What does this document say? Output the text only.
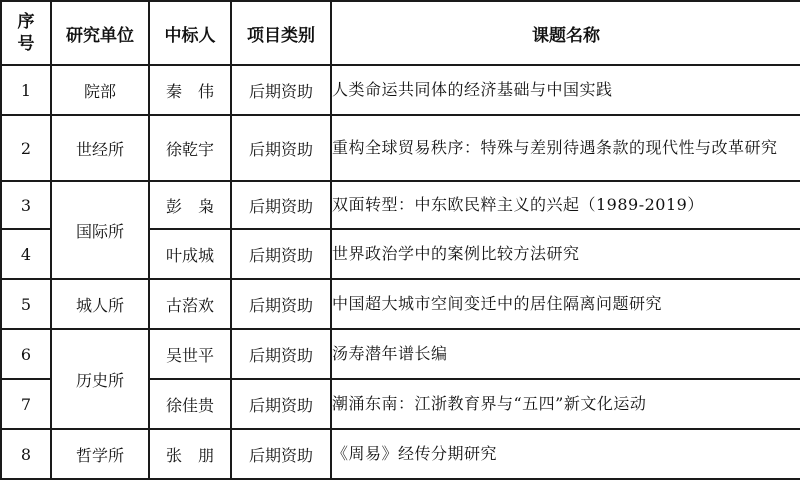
序
号	研究单位	中标人	项目类别	课题名称
1	院部	秦　伟	后期资助	人类命运共同体的经济基础与中国实践
2	世经所	徐乾宇	后期资助	重构全球贸易秩序：特殊与差别待遇条款的现代性与改革研究
3	国际所	彭　枭	后期资助	双面转型：中东欧民粹主义的兴起（1989-2019）
4		叶成城	后期资助	世界政治学中的案例比较方法研究
5	城人所	古菭欢	后期资助	中国超大城市空间变迁中的居住隔离问题研究
6	历史所	吴世平	后期资助	汤寿潜年谱长编
7		徐佳贵	后期资助	潮涌东南：江浙教育界与“五四”新文化运动
8	哲学所	张　朋	后期资助	《周易》经传分期研究
